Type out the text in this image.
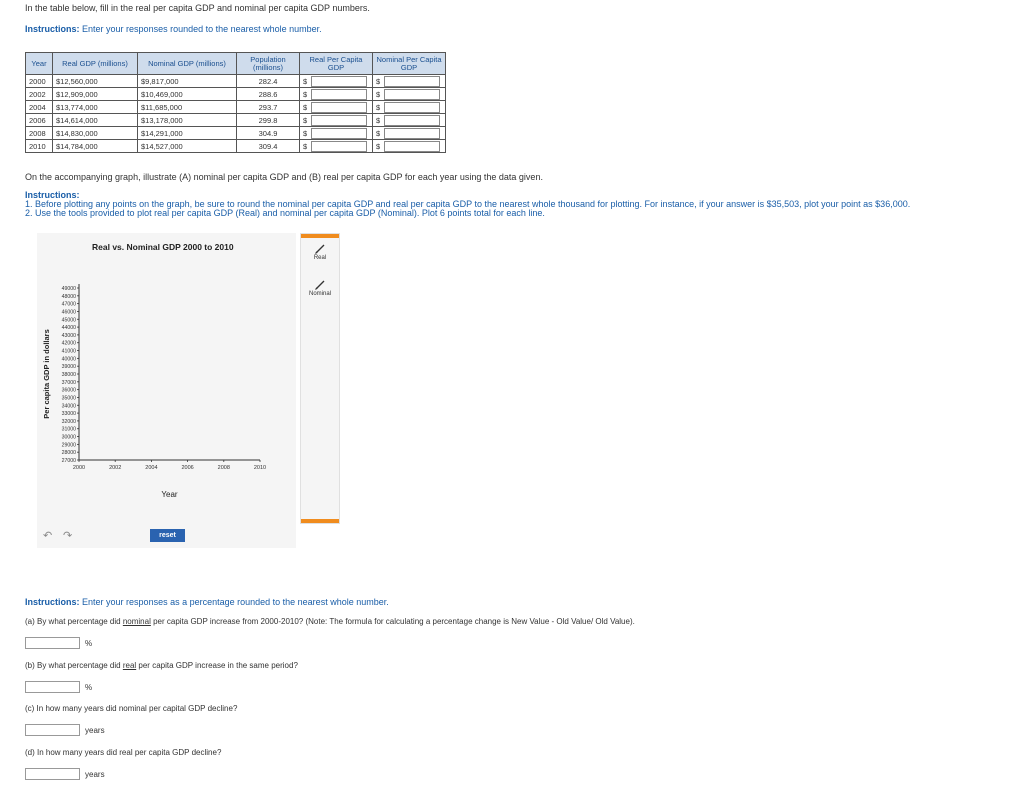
In the table below, fill in the real per capita GDP and nominal per capita GDP numbers.
Instructions: Enter your responses rounded to the nearest whole number.
Year	Real GDP (millions)	Nominal GDP (millions)	Population (millions)	Real Per Capita GDP	Nominal Per Capita GDP
2000	$12,560,000	$9,817,000	282.4	$	$

2002	$12,909,000	$10,469,000	288.6	$	$

2004	$13,774,000	$11,685,000	293.7	$	$

2006	$14,614,000	$13,178,000	299.8	$	$

2008	$14,830,000	$14,291,000	304.9	$	$

2010	$14,784,000	$14,527,000	309.4	$	$
On the accompanying graph, illustrate (A) nominal per capita GDP and (B) real per capita GDP for each year using the data given.
Instructions:
1. Before plotting any points on the graph, be sure to round the nominal per capita GDP and real per capita GDP to the nearest whole thousand for plotting. For instance, if your answer is $35,503, plot your point as $36,000.
2. Use the tools provided to plot real per capita GDP (Real) and nominal per capita GDP (Nominal). Plot 6 points total for each line.
Real vs. Nominal GDP 2000 to 2010
49000
48000
47000
46000
45000
44000
43000
42000
41000
40000
39000
38000
37000
36000
35000
34000
33000
32000
31000
30000
29000
28000
27000
2000	2002	2004	2006	2008	2010
Year
Per capita GDP in dollars
Real
Nominal
↶ ↷	reset
Instructions: Enter your responses as a percentage rounded to the nearest whole number.
(a) By what percentage did nominal per capita GDP increase from 2000-2010? (Note: The formula for calculating a percentage change is New Value - Old Value/ Old Value).
%
(b) By what percentage did real per capita GDP increase in the same period?
%
(c) In how many years did nominal per capital GDP decline?
years
(d) In how many years did real per capita GDP decline?
years
